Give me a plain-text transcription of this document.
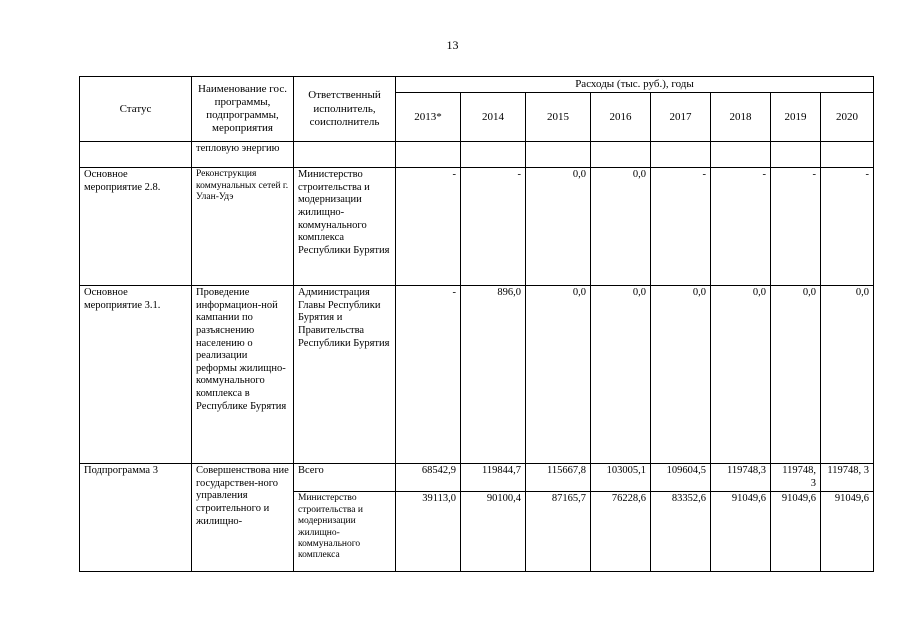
13
Статус	Наименование гос. программы, подпрограммы, мероприятия	Ответственный исполнитель, соисполнитель	Расходы (тыс. руб.), годы							
			2013*	2014	2015	2016	2017	2018	2019	2020
	тепловую энергию									
Основнoe мероприятие 2.8.	Реконструкция коммунальных сетей г. Улан-Удэ	Министерство строительства и модернизации жилищно-коммунального комплекса Республики Бурятия	-	-	0,0	0,0	-	-	-	-
Основное мероприятие 3.1.	Проведение информацион-ной кампании по разъяснению населению о реализации реформы жилищно-коммунального комплекса в Республике Бурятия	Администрация Главы Республики Бурятия и Правительства Республики Бурятия	-	896,0	0,0	0,0	0,0	0,0	0,0	0,0
Подпрограмма 3	Совершенствова ние государствен-ного управления строительного и жилищно-	Всего	68542,9	119844,7	115667,8	103005,1	109604,5	119748,3	119748, 3	119748, 3
		Министерство строительства и модернизации жилищно-коммунального комплекса	39113,0	90100,4	87165,7	76228,6	83352,6	91049,6	91049,6	91049,6
